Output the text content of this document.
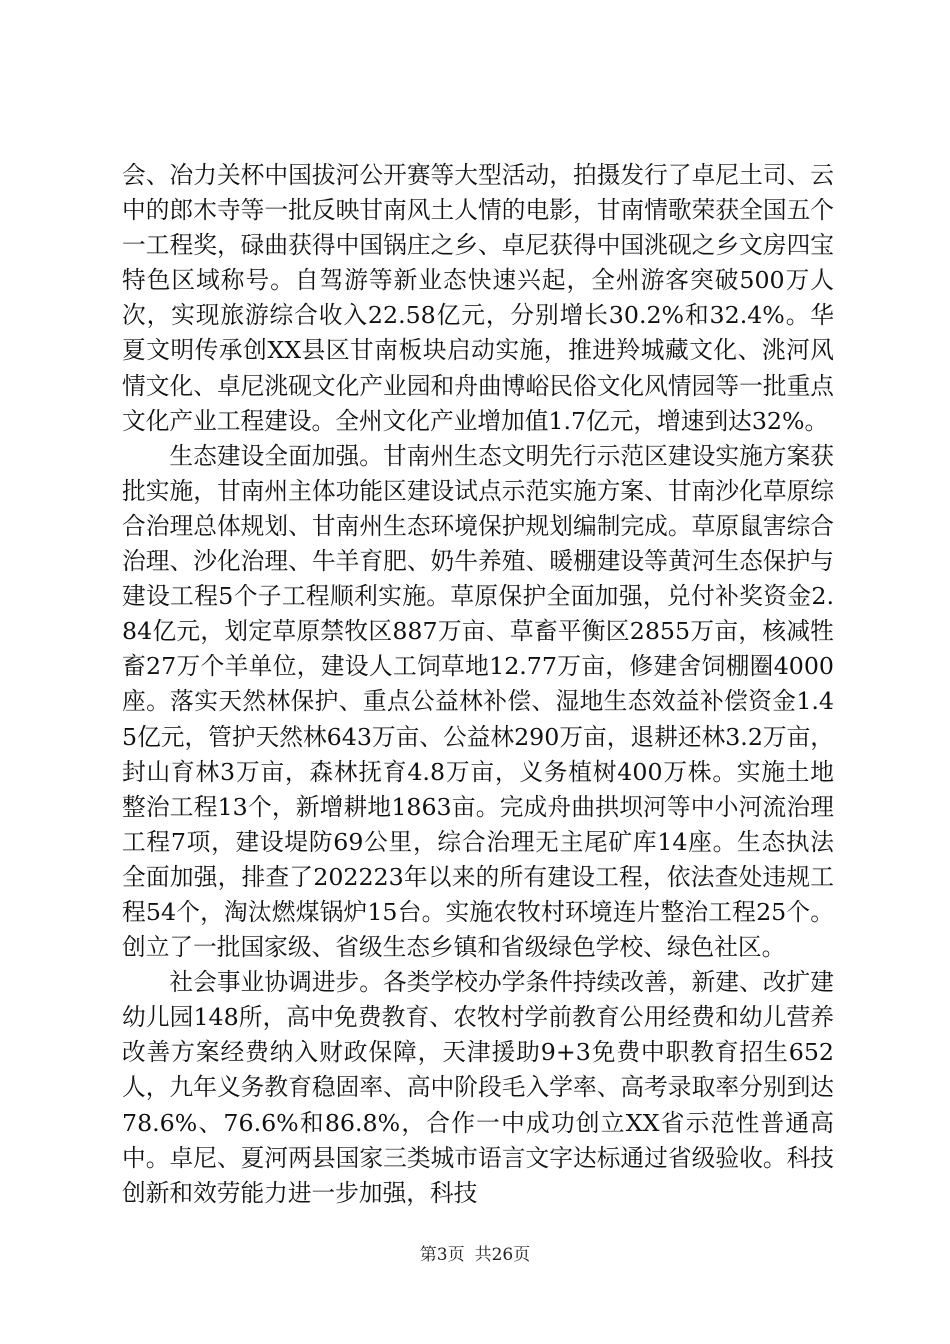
会、冶力关杯中国拔河公开赛等大型活动，拍摄发行了卓尼土司、云中的郎木寺等一批反映甘南风土人情的电影，甘南情歌荣获全国五个一工程奖，碌曲获得中国锅庄之乡、卓尼获得中国洮砚之乡文房四宝特色区域称号。自驾游等新业态快速兴起，全州游客突破500万人次，实现旅游综合收入22.58亿元，分别增长30.2%和32.4%。华夏文明传承创XX县区甘南板块启动实施，推进羚城藏文化、洮河风情文化、卓尼洮砚文化产业园和舟曲博峪民俗文化风情园等一批重点文化产业工程建设。全州文化产业增加值1.7亿元，增速到达32%。

生态建设全面加强。甘南州生态文明先行示范区建设实施方案获批实施，甘南州主体功能区建设试点示范实施方案、甘南沙化草原综合治理总体规划、甘南州生态环境保护规划编制完成。草原鼠害综合治理、沙化治理、牛羊育肥、奶牛养殖、暖棚建设等黄河生态保护与建设工程5个子工程顺利实施。草原保护全面加强，兑付补奖资金2.84亿元，划定草原禁牧区887万亩、草畜平衡区2855万亩，核减牲畜27万个羊单位，建设人工饲草地12.77万亩，修建舍饲棚圈4000座。落实天然林保护、重点公益林补偿、湿地生态效益补偿资金1.45亿元，管护天然林643万亩、公益林290万亩，退耕还林3.2万亩，封山育林3万亩，森林抚育4.8万亩，义务植树400万株。实施土地整治工程13个，新增耕地1863亩。完成舟曲拱坝河等中小河流治理工程7项，建设堤防69公里，综合治理无主尾矿库14座。生态执法全面加强，排查了202223年以来的所有建设工程，依法查处违规工程54个，淘汰燃煤锅炉15台。实施农牧村环境连片整治工程25个。创立了一批国家级、省级生态乡镇和省级绿色学校、绿色社区。

社会事业协调进步。各类学校办学条件持续改善，新建、改扩建幼儿园148所，高中免费教育、农牧村学前教育公用经费和幼儿营养改善方案经费纳入财政保障，天津援助9+3免费中职教育招生652人，九年义务教育稳固率、高中阶段毛入学率、高考录取率分别到达78.6%、76.6%和86.8%，合作一中成功创立XX省示范性普通高中。卓尼、夏河两县国家三类城市语言文字达标通过省级验收。科技创新和效劳能力进一步加强，科技

第3页 共26页
